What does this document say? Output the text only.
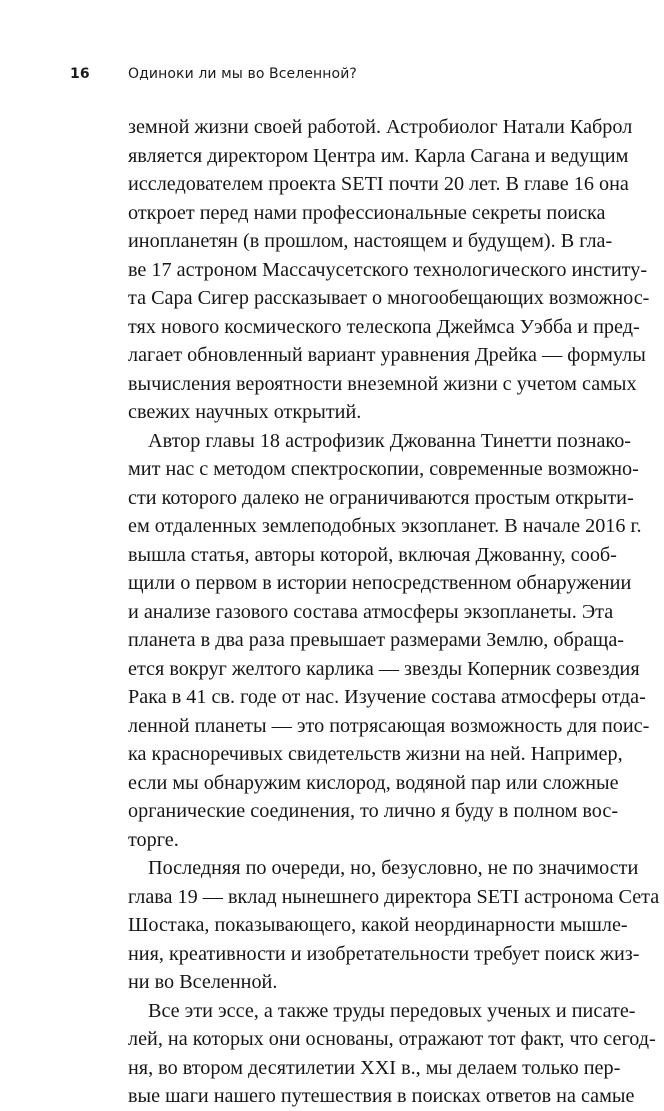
16	Одиноки ли мы во Вселенной?
земной жизни своей работой. Астробиолог Натали Каброл
является директором Центра им. Карла Сагана и ведущим
исследователем проекта SETI почти 20 лет. В главе 16 она
откроет перед нами профессиональные секреты поиска
инопланетян (в прошлом, настоящем и будущем). В гла-
ве 17 астроном Массачусетского технологического институ-
та Сара Сигер рассказывает о многообещающих возможнос-
тях нового космического телескопа Джеймса Уэбба и пред-
лагает обновленный вариант уравнения Дрейка — формулы
вычисления вероятности внеземной жизни с учетом самых
свежих научных открытий.
Автор главы 18 астрофизик Джованна Тинетти познако-
мит нас с методом спектроскопии, современные возможно-
сти которого далеко не ограничиваются простым открыти-
ем отдаленных землеподобных экзопланет. В начале 2016 г.
вышла статья, авторы которой, включая Джованну, сооб-
щили о первом в истории непосредственном обнаружении
и анализе газового состава атмосферы экзопланеты. Эта
планета в два раза превышает размерами Землю, обраща-
ется вокруг желтого карлика — звезды Коперник созвездия
Рака в 41 св. годе от нас. Изучение состава атмосферы отда-
ленной планеты — это потрясающая возможность для поис-
ка красноречивых свидетельств жизни на ней. Например,
если мы обнаружим кислород, водяной пар или сложные
органические соединения, то лично я буду в полном вос-
торге.
Последняя по очереди, но, безусловно, не по значимости
глава 19 — вклад нынешнего директора SETI астронома Сета
Шостака, показывающего, какой неординарности мышле-
ния, креативности и изобретательности требует поиск жиз-
ни во Вселенной.
Все эти эссе, а также труды передовых ученых и писате-
лей, на которых они основаны, отражают тот факт, что сегод-
ня, во втором десятилетии XXI в., мы делаем только пер-
вые шаги нашего путешествия в поисках ответов на самые
